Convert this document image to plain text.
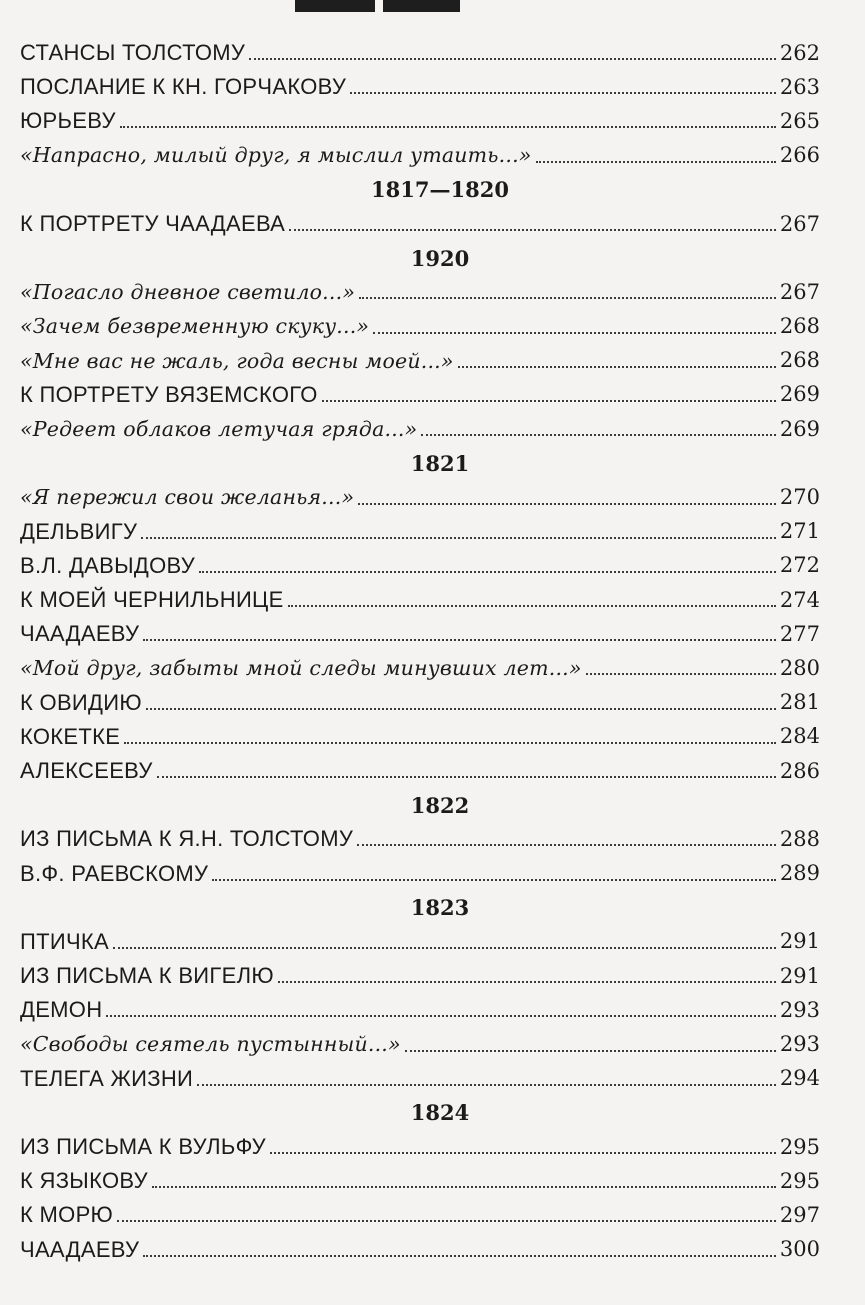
СТАНСЫ ТОЛСТОМУ	262
ПОСЛАНИЕ К КН. ГОРЧАКОВУ	263
ЮРЬЕВУ	265
«Напрасно, милый друг, я мыслил утаить...»	266
1817—1820
К ПОРТРЕТУ ЧААДАЕВА	267
1920
«Погасло дневное светило...»	267
«Зачем безвременную скуку...»	268
«Мне вас не жаль, года весны моей...»	268
К ПОРТРЕТУ ВЯЗЕМСКОГО	269
«Редеет облаков летучая гряда...»	269
1821
«Я пережил свои желанья...»	270
ДЕЛЬВИГУ	271
В.Л. ДАВЫДОВУ	272
К МОЕЙ ЧЕРНИЛЬНИЦЕ	274
ЧААДАЕВУ	277
«Мой друг, забыты мной следы минувших лет...»	280
К ОВИДИЮ	281
КОКЕТКЕ	284
АЛЕКСЕЕВУ	286
1822
ИЗ ПИСЬМА К Я.Н. ТОЛСТОМУ	288
В.Ф. РАЕВСКОМУ	289
1823
ПТИЧКА	291
ИЗ ПИСЬМА К ВИГЕЛЮ	291
ДЕМОН	293
«Свободы сеятель пустынный...»	293
ТЕЛЕГА ЖИЗНИ	294
1824
ИЗ ПИСЬМА К ВУЛЬФУ	295
К ЯЗЫКОВУ	295
К МОРЮ	297
ЧААДАЕВУ	300
